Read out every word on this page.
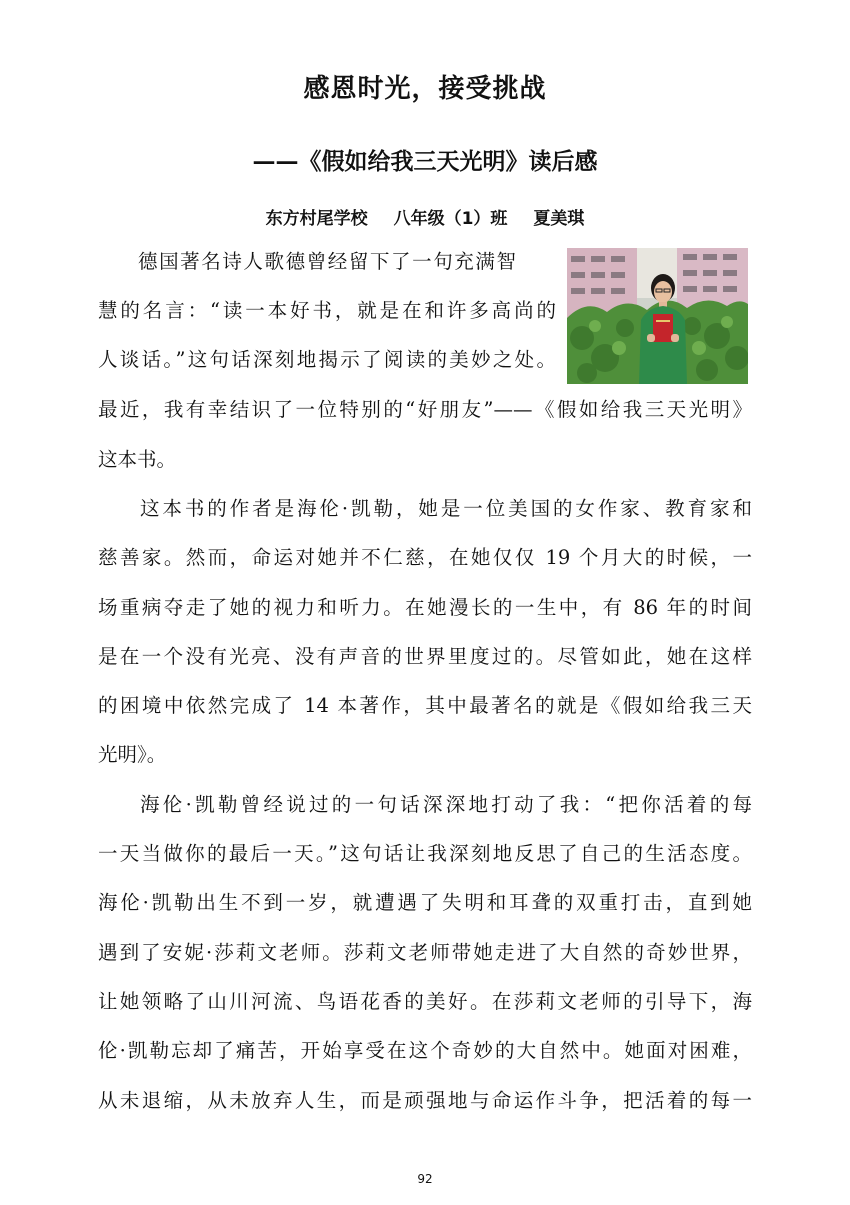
感恩时光，接受挑战
——《假如给我三天光明》读后感

东方村尾学校 八年级（1）班 夏美琪

德国著名诗人歌德曾经留下了一句充满智

慧的名言：“读一本好书，就是在和许多高尚的

人谈话。”这句话深刻地揭示了阅读的美妙之处。

最近，我有幸结识了一位特别的“好朋友”——《假如给我三天光明》

这本书。

这本书的作者是海伦·凯勒，她是一位美国的女作家、教育家和

慈善家。然而，命运对她并不仁慈，在她仅仅 19 个月大的时候，一

场重病夺走了她的视力和听力。在她漫长的一生中，有 86 年的时间

是在一个没有光亮、没有声音的世界里度过的。尽管如此，她在这样

的困境中依然完成了 14 本著作，其中最著名的就是《假如给我三天

光明》。

海伦·凯勒曾经说过的一句话深深地打动了我：“把你活着的每

一天当做你的最后一天。”这句话让我深刻地反思了自己的生活态度。

海伦·凯勒出生不到一岁，就遭遇了失明和耳聋的双重打击，直到她

遇到了安妮·莎莉文老师。莎莉文老师带她走进了大自然的奇妙世界，

让她领略了山川河流、鸟语花香的美好。在莎莉文老师的引导下，海

伦·凯勒忘却了痛苦，开始享受在这个奇妙的大自然中。她面对困难，

从未退缩，从未放弃人生，而是顽强地与命运作斗争，把活着的每一

92
